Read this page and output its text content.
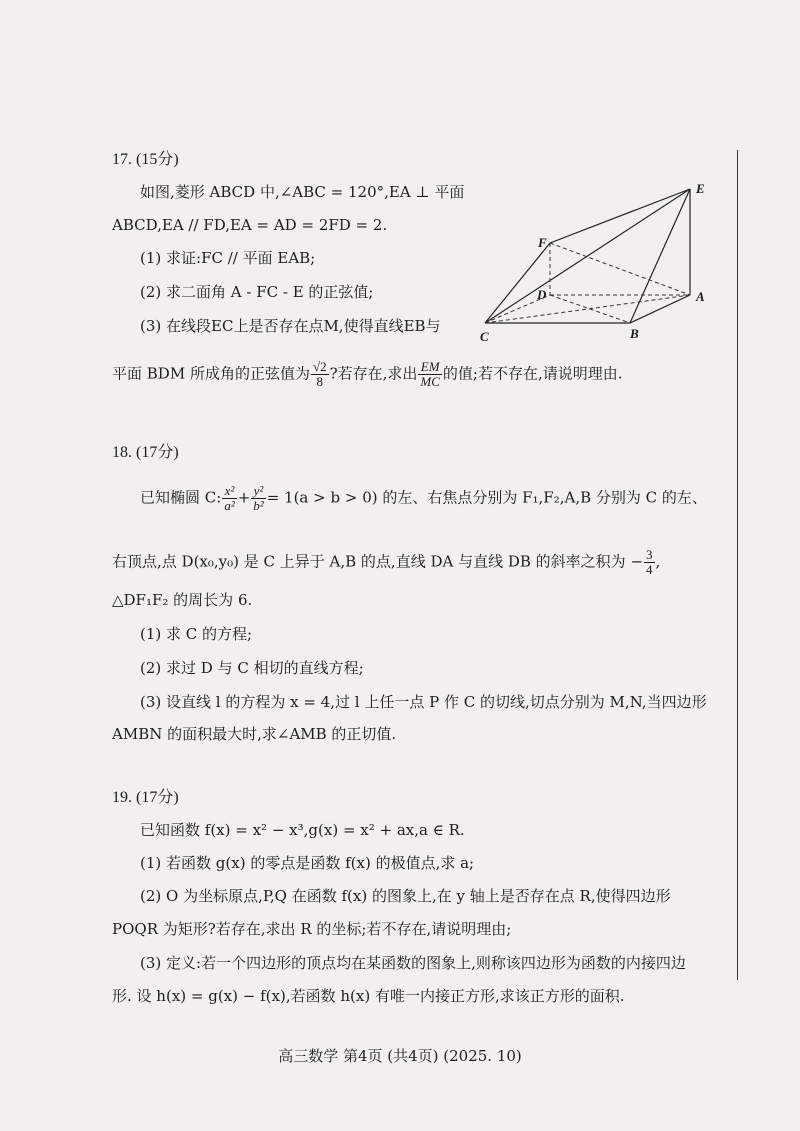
17. (15分)
如图,菱形 ABCD 中,∠ABC = 120°,EA ⊥ 平面
ABCD,EA // FD,EA = AD = 2FD = 2.
(1) 求证:FC // 平面 EAB;
(2) 求二面角 A - FC - E 的正弦值;
(3) 在线段EC上是否存在点M,使得直线EB与
平面 BDM 所成角的正弦值为 $\frac{√2}{8}$ ?若存在,求出 $\frac{EM}{MC}$ 的值;若不存在,请说明理由.
E
F
D	A
B
C
18. (17分)
已知椭圆 C: $\frac{\text{x²}}{\text{a²}} + \frac{\text{y²}}{\text{b²}} = 1(a > b > 0)$ 的左、右焦点分别为 F₁,F₂,A,B 分别为 C 的左、
右顶点,点 D(x₀,y₀) 是 C 上异于 A,B 的点,直线 DA 与直线 DB 的斜率之积为 − $\frac{3}{4}$ ,
△DF₁F₂ 的周长为 6.
(1) 求 C 的方程;
(2) 求过 D 与 C 相切的直线方程;
(3) 设直线 l 的方程为 x = 4,过 l 上任一点 P 作 C 的切线,切点分别为 M,N,当四边形
AMBN 的面积最大时,求∠AMB 的正切值.
19. (17分)
已知函数 f(x) = x² − x³,g(x) = x² + ax,a ∈ R.
(1) 若函数 g(x) 的零点是函数 f(x) 的极值点,求 a;
(2) O 为坐标原点,P,Q 在函数 f(x) 的图象上,在 y 轴上是否存在点 R,使得四边形
POQR 为矩形?若存在,求出 R 的坐标;若不存在,请说明理由;
(3) 定义:若一个四边形的顶点均在某函数的图象上,则称该四边形为函数的内接四边
形. 设 h(x) = g(x) − f(x),若函数 h(x) 有唯一内接正方形,求该正方形的面积.
高三数学 第4页 (共4页) (2025. 10)
